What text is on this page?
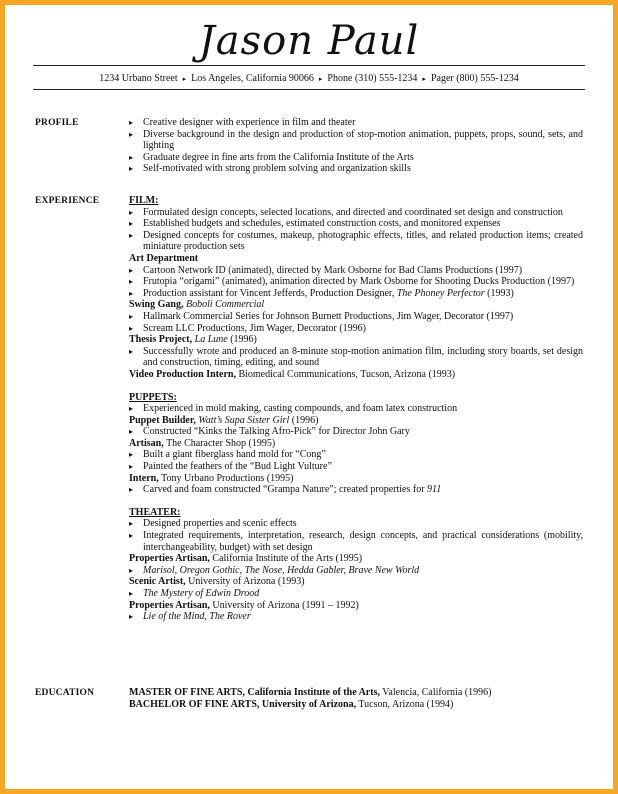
Jason Paul
1234 Urbano Street ▸ Los Angeles, California 90066 ▸ Phone (310) 555-1234 ▸ Pager (800) 555-1234
PROFILE
▸	Creative designer with experience in film and theater
▸ Diverse background in the design and production of stop-motion animation, puppets, props, sound, sets, and lighting
▸ Graduate degree in fine arts from the California Institute of the Arts
▸ Self-motivated with strong problem solving and organization skills
EXPERIENCE	FILM:
▸ Formulated design concepts, selected locations, and directed and coordinated set design and construction
▸ Established budgets and schedules, estimated construction costs, and monitored expenses
▸ Designed concepts for costumes, makeup, photographic effects, titles, and related production items; created miniature production sets
Art Department
▸ Cartoon Network ID (animated), directed by Mark Osborne for Bad Clams Productions (1997)
▸ Frutopia “origami” (animated), animation directed by Mark Osborne for Shooting Ducks Production (1997)
▸ Production assistant for Vincent Jefferds, Production Designer, The Phoney Perfector (1993)
Swing Gang, Boboli Commercial
▸ Hallmark Commercial Series for Johnson Burnett Productions, Jim Wager, Decorator (1997)
▸ Scream LLC Productions, Jim Wager, Decorator (1996)
Thesis Project, La Lune (1996)
▸ Successfully wrote and produced an 8-minute stop-motion animation film, including story boards, set design and construction, timing, editing, and sound
Video Production Intern, Biomedical Communications, Tucson, Arizona (1993)
PUPPETS:
▸ Experienced in mold making, casting compounds, and foam latex construction
Puppet Builder, Watt’s Supa Sister Girl (1996)
▸ Constructed “Kinks the Talking Afro-Pick” for Director John Gary
Artisan, The Character Shop (1995)
▸ Built a giant fiberglass hand mold for “Cong”
▸ Painted the feathers of the “Bud Light Vulture”
Intern, Tony Urbano Productions (1995)
▸ Carved and foam constructed “Grampa Nature”; created properties for 911
THEATER:
▸ Designed properties and scenic effects
▸ Integrated requirements, interpretation, research, design concepts, and practical considerations (mobility, interchangeability, budget) with set design
Properties Artisan, California Institute of the Arts (1995)
▸ Marisol, Oregon Gothic, The Nose, Hedda Gabler, Brave New World
Scenic Artist, University of Arizona (1993)
▸ The Mystery of Edwin Drood
Properties Artisan, University of Arizona (1991 – 1992)
▸ Lie of the Mind, The Rover
EDUCATION	MASTER OF FINE ARTS, California Institute of the Arts, Valencia, California (1996)
BACHELOR OF FINE ARTS, University of Arizona, Tucson, Arizona (1994)
